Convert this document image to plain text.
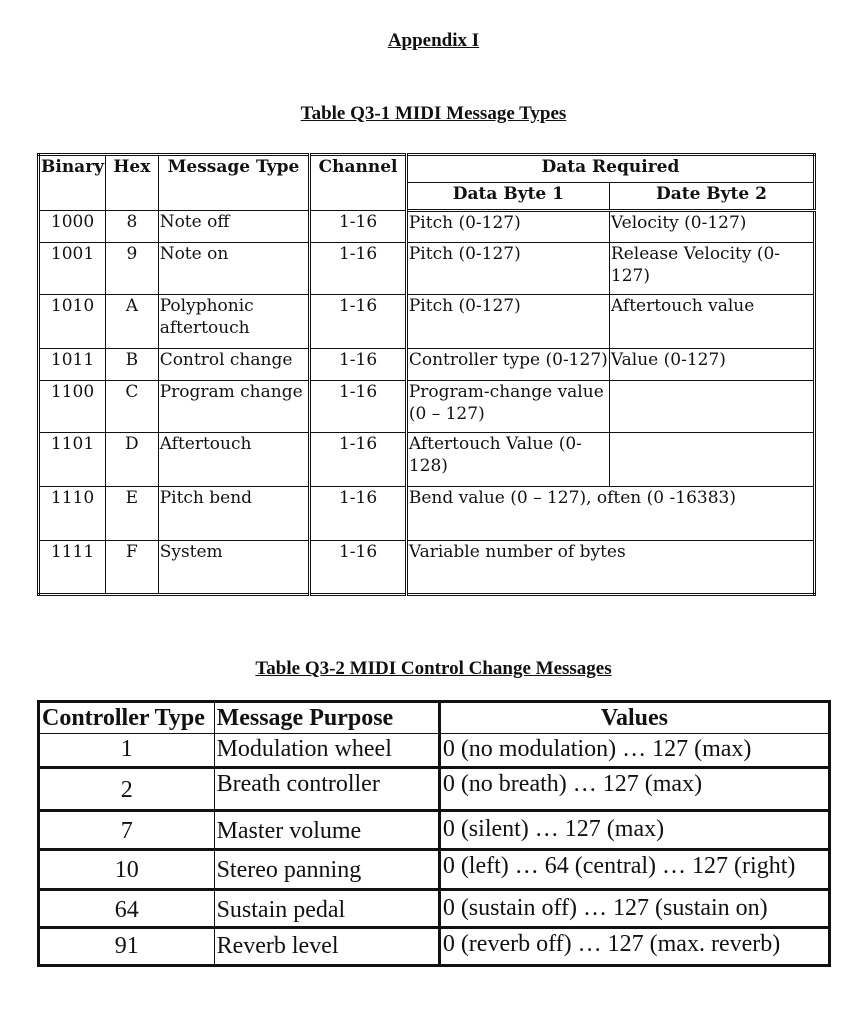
Appendix I
Table Q3-1 MIDI Message Types
Binary	Hex	Message Type	Channel	Data Required	
				Data Byte 1	Date Byte 2
1000	8	Note off	1-16	Pitch (0-127)	Velocity (0-127)
1001	9	Note on	1-16	Pitch (0-127)	Release Velocity (0-127)
1010	A	Polyphonic aftertouch	1-16	Pitch (0-127)	Aftertouch value
1011	B	Control change	1-16	Controller type (0-127)	Value (0-127)
1100	C	Program change	1-16	Program-change value (0 – 127)	
1101	D	Aftertouch	1-16	Aftertouch Value (0-128)	
1110	E	Pitch bend	1-16	Bend value (0 – 127), often (0 -16383)	
1111	F	System	1-16	Variable number of bytes	
Table Q3-2 MIDI Control Change Messages
Controller Type	Message Purpose	Values
1	Modulation wheel	0 (no modulation) … 127 (max)
2	Breath controller	0 (no breath) … 127 (max)
7	Master volume	0 (silent) … 127 (max)
10	Stereo panning	0 (left) … 64 (central) … 127 (right)
64	Sustain pedal	0 (sustain off) … 127 (sustain on)
91	Reverb level	0 (reverb off) … 127 (max. reverb)
